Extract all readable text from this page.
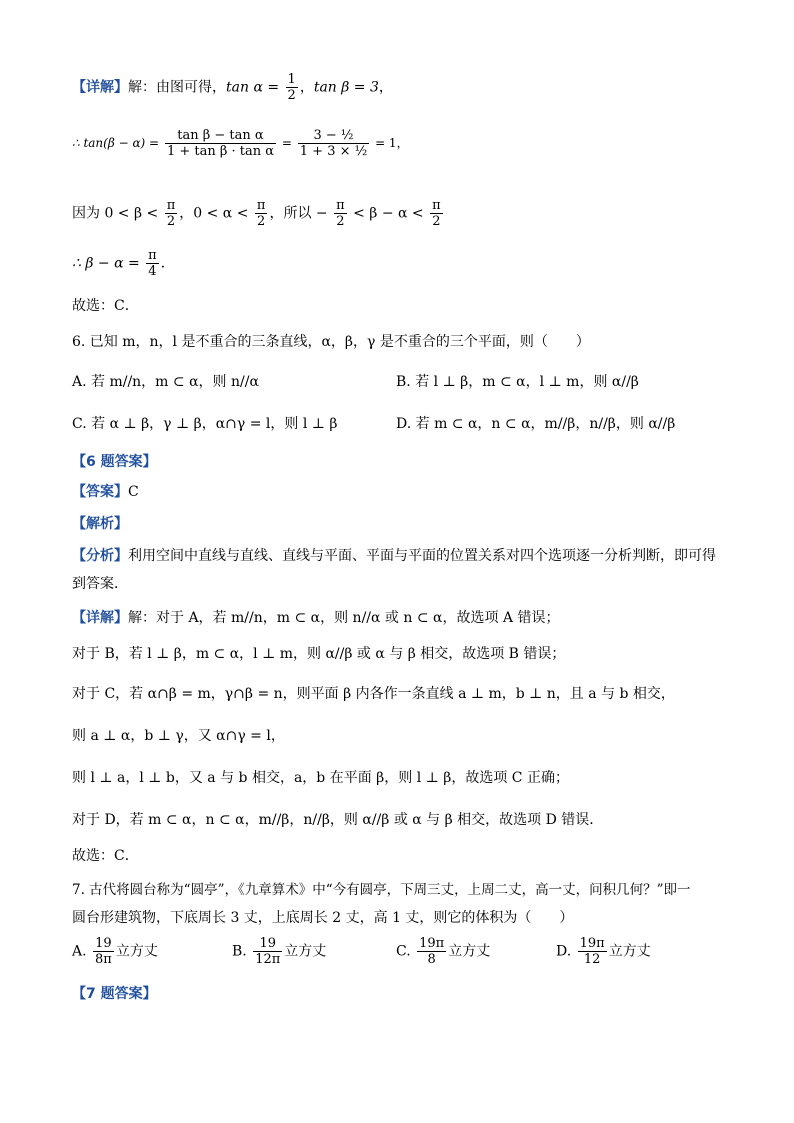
【详解】解：由图可得，$\tan \alpha = \frac{1}{2}$ ，tan β = 3，
∴ $\tan(\beta - \alpha) = \frac{\text{tan β − tan α}}{\text{1 + tan β · tan α}} = \frac{\text{3 − ½}}{\text{1 + 3 × ½}} = 1$，
因为 $0 < \beta < \frac{\pi}{2}$ ，$0 < \alpha < \frac{\pi}{2}$ ，所以 − $\frac{\pi}{2} < \beta - \alpha < \frac{\pi}{2}$
∴ $\beta - \alpha = \frac{\pi}{4}$ ．
故选：C．
6. 已知 m，n，l 是不重合的三条直线，α，β，γ 是不重合的三个平面，则（　　）
A. 若 m//n，m ⊂ α，则 n//α	B. 若 l ⊥ β，m ⊂ α，l ⊥ m，则 α//β
C. 若 α ⊥ β，γ ⊥ β，α∩γ = l，则 l ⊥ β	D. 若 m ⊂ α，n ⊂ α，m//β，n//β，则 α//β
【6 题答案】
【答案】C
【解析】
【分析】利用空间中直线与直线、直线与平面、平面与平面的位置关系对四个选项逐一分析判断，即可得
到答案．
【详解】解：对于 A，若 m//n，m ⊂ α，则 n//α 或 n ⊂ α，故选项 A 错误；
对于 B，若 l ⊥ β，m ⊂ α，l ⊥ m，则 α//β 或 α 与 β 相交，故选项 B 错误；
对于 C，若 α∩β = m，γ∩β = n，则平面 β 内各作一条直线 a ⊥ m，b ⊥ n，且 a 与 b 相交，
则 a ⊥ α，b ⊥ γ，又 α∩γ = l，
则 l ⊥ a，l ⊥ b，又 a 与 b 相交，a，b 在平面 β，则 l ⊥ β，故选项 C 正确；
对于 D，若 m ⊂ α，n ⊂ α，m//β，n//β，则 α//β 或 α 与 β 相交，故选项 D 错误．
故选：C．
7. 古代将圆台称为“圆亭”，《九章算术》中“今有圆亭，下周三丈，上周二丈，高一丈，问积几何？”即一
圆台形建筑物，下底周长 3 丈，上底周长 2 丈，高 1 丈，则它的体积为（　　）
A. $\frac{19}{8\pi}$ 立方丈	B. $\frac{19}{12\pi}$ 立方丈	C. $\frac{19\pi}{8}$ 立方丈	D. $\frac{19\pi}{12}$ 立方丈
【7 题答案】
